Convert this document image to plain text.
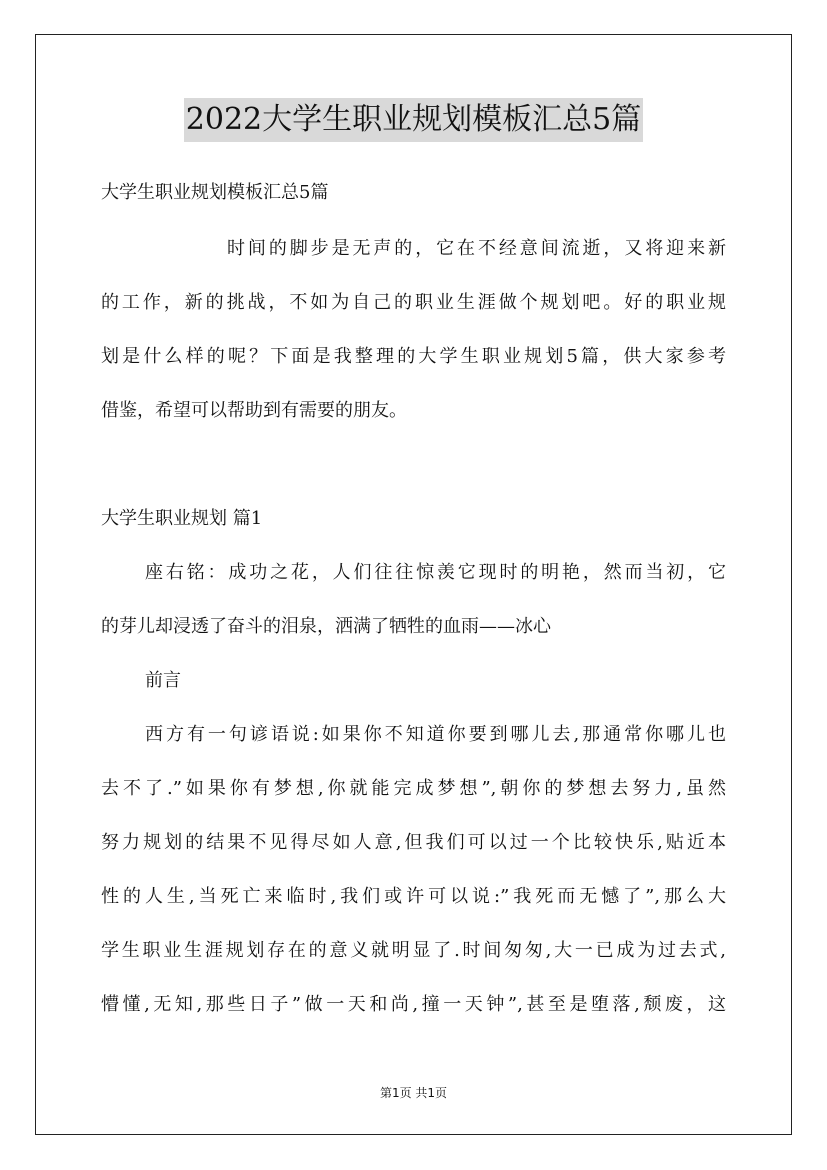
2022大学生职业规划模板汇总5篇
大学生职业规划模板汇总5篇
时间的脚步是无声的，它在不经意间流逝，又将迎来新
的工作，新的挑战，不如为自己的职业生涯做个规划吧。好的职业规
划是什么样的呢？下面是我整理的大学生职业规划5篇，供大家参考
借鉴，希望可以帮助到有需要的朋友。
大学生职业规划 篇1
座右铭：成功之花，人们往往惊羡它现时的明艳，然而当初，它
的芽儿却浸透了奋斗的泪泉，洒满了牺牲的血雨——冰心
前言
西方有一句谚语说:如果你不知道你要到哪儿去,那通常你哪儿也
去不了.”如果你有梦想,你就能完成梦想”,朝你的梦想去努力,虽然
努力规划的结果不见得尽如人意,但我们可以过一个比较快乐,贴近本
性的人生,当死亡来临时,我们或许可以说:”我死而无憾了”,那么大
学生职业生涯规划存在的意义就明显了.时间匆匆,大一已成为过去式,
懵懂,无知,那些日子”做一天和尚,撞一天钟”,甚至是堕落,颓废，这
第1页 共1页
